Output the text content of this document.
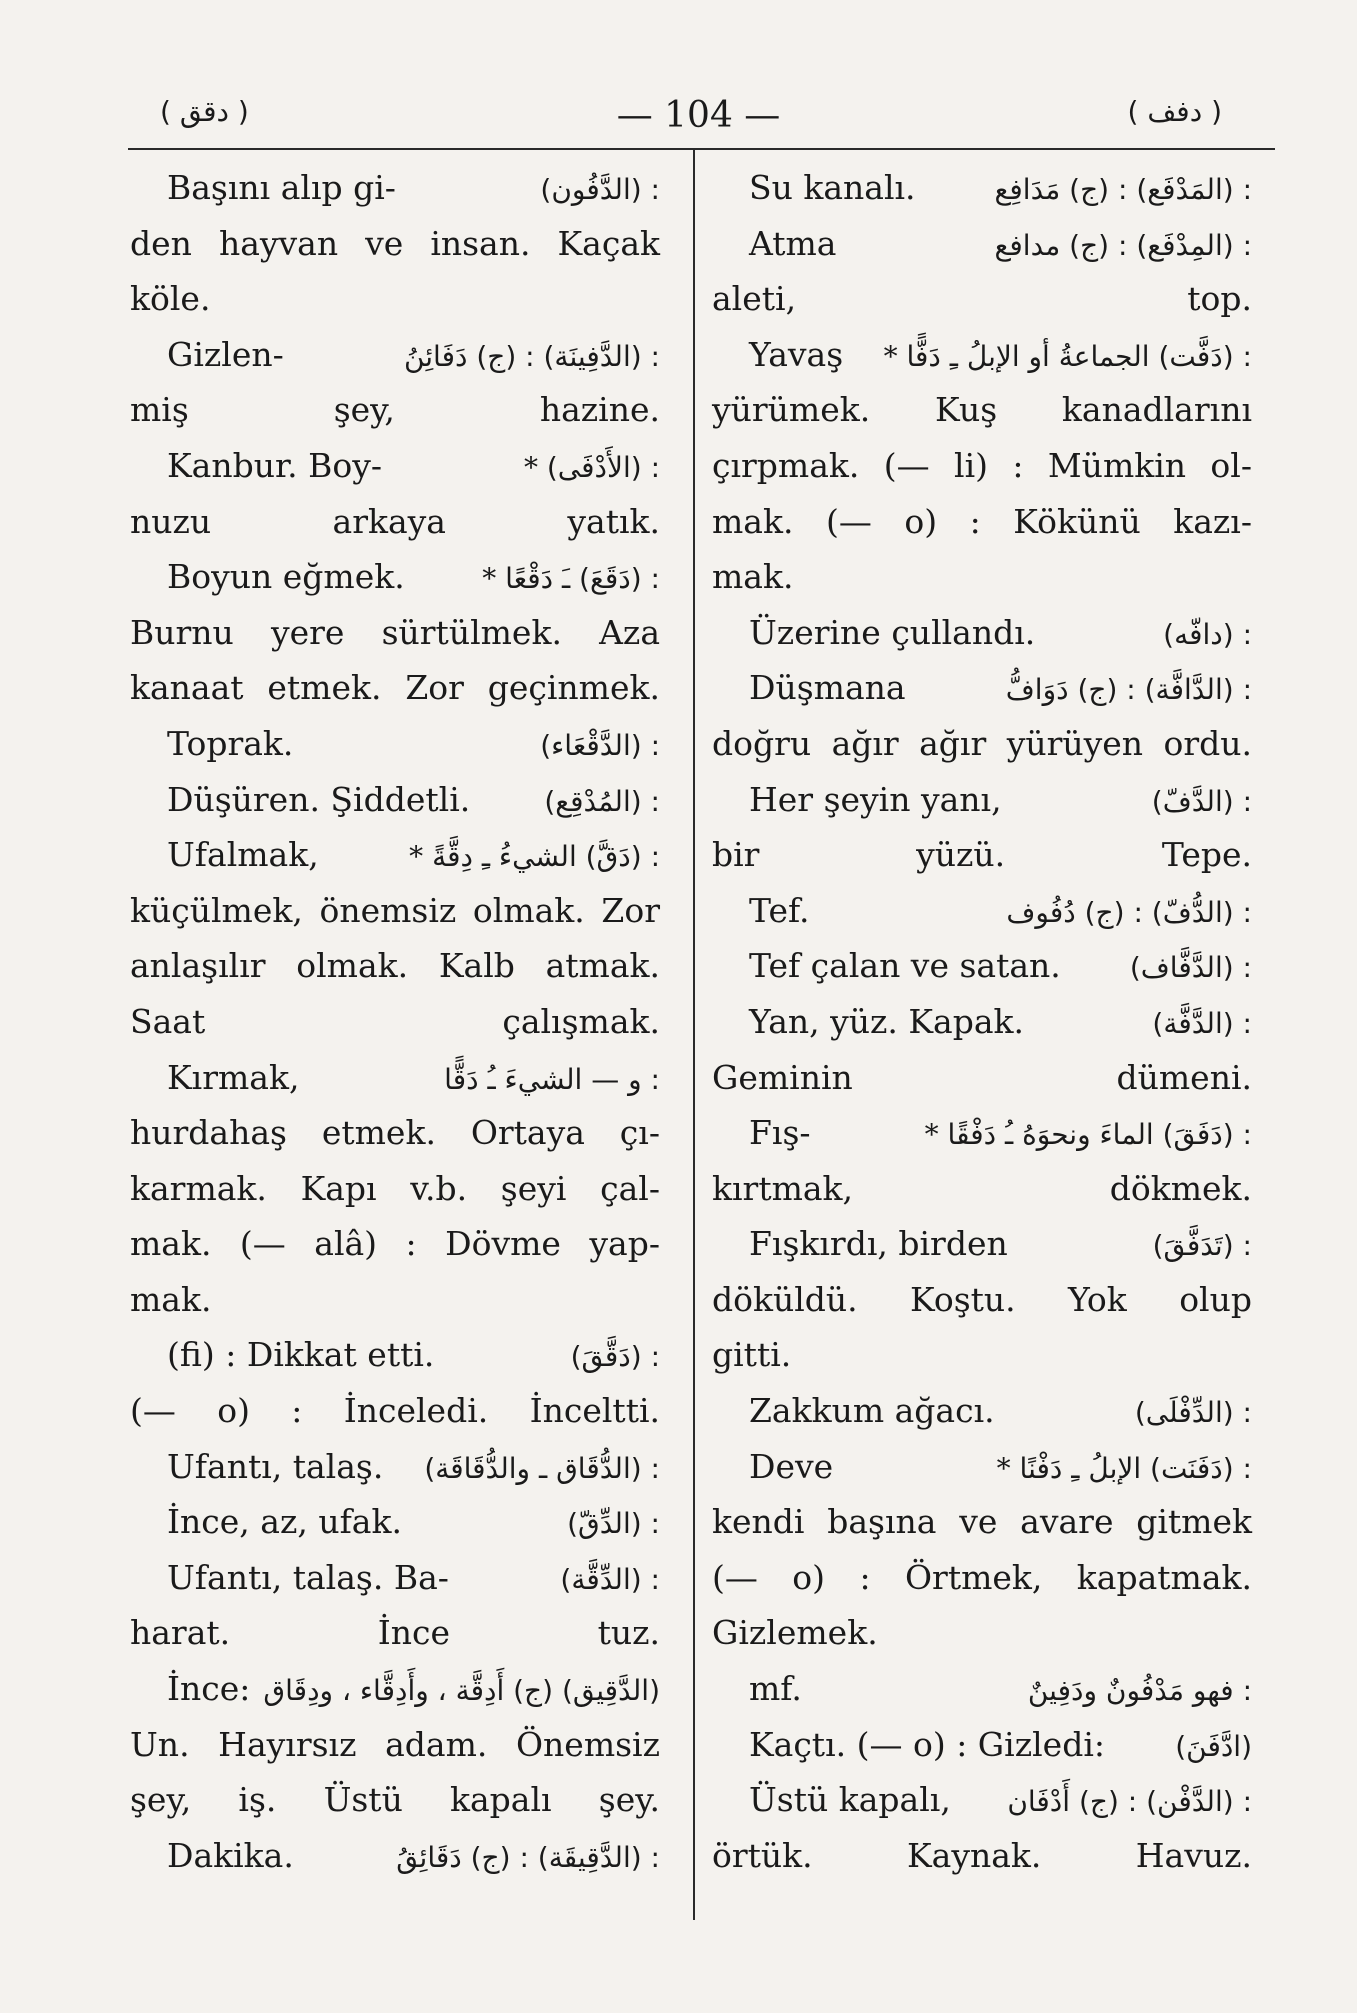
( دقق )	— 104 —	( دفف )
Başını alıp gi-	: (الدَّفُون)
den hayvan ve insan. Kaçak
köle.
Gizlen-	: (الدَّفِينَة) : (ج) دَفَائِنُ
miş şey, hazine.
Kanbur. Boy-	: (الأَدْفَى) *
nuzu arkaya yatık.
Boyun eğmek.	: (دَقَعَ) ـَ دَقْعًا *
Burnu yere sürtülmek. Aza
kanaat etmek. Zor geçinmek.
Toprak.	: (الدَّقْعَاء)
Düşüren. Şiddetli.	: (المُدْقِع)
Ufalmak,	: (دَقَّ) الشيءُ ـِ دِقَّةً *
küçülmek, önemsiz olmak. Zor
anlaşılır olmak. Kalb atmak.
Saat çalışmak.
Kırmak,	: و — الشيءَ ـُ دَقًّا
hurdahaş etmek. Ortaya çı-
karmak. Kapı v.b. şeyi çal-
mak. (— alâ) : Dövme yap-
mak.
(fi) : Dikkat etti.	: (دَقَّقَ)
(— o) : İnceledi. İnceltti.
Ufantı, talaş. : (الدُّقَاق ـ والدُّقَاقَة)
İnce, az, ufak.	: (الدِّقّ)
Ufantı, talaş. Ba-	: (الدِّقَّة)
harat. İnce tuz.
İnce: (الدَّقِيق) (ج) أَدِقَّة ، وأَدِقَّاء ، ودِقَاق
Un. Hayırsız adam. Önemsiz
şey, iş. Üstü kapalı şey.
Dakika.	: (الدَّقِيقَة) : (ج) دَقَائِقُ
Su kanalı.	: (المَدْفَع) : (ج) مَدَافِع
Atma	: (المِدْفَع) : (ج) مدافع
aleti, top.
Yavaş	: (دَفَّت) الجماعةُ أو الإبلُ ـِ دَفًّا *
yürümek. Kuş kanadlarını
çırpmak. (— li) : Mümkin ol-
mak. (— o) : Kökünü kazı-
mak.
Üzerine çullandı.	: (دافّه)
Düşmana	: (الدَّافَّة) : (ج) دَوَافُّ
doğru ağır ağır yürüyen ordu.
Her şeyin yanı,	: (الدَّفّ)
bir yüzü. Tepe.
Tef.	: (الدُّفّ) : (ج) دُفُوف
Tef çalan ve satan. : (الدَّفَّاف)
Yan, yüz. Kapak.	: (الدَّفَّة)
Geminin dümeni.
Fış-	: (دَفَقَ) الماءَ ونحوَهُ ـُ دَفْقًا *
kırtmak, dökmek.
Fışkırdı, birden	: (تَدَفَّقَ)
döküldü. Koştu. Yok olup
gitti.
Zakkum ağacı.	: (الدِّفْلَى)
Deve	: (دَفَنَت) الإبلُ ـِ دَفْنًا *
kendi başına ve avare gitmek
(— o) : Örtmek, kapatmak.
Gizlemek.
mf.	: فهو مَدْفُونٌ ودَفِينٌ
Kaçtı. (— o) : Gizledi:	(ادَّفَنَ)
Üstü kapalı, : (الدَّفْن) : (ج) أَدْفَان
örtük. Kaynak. Havuz.
